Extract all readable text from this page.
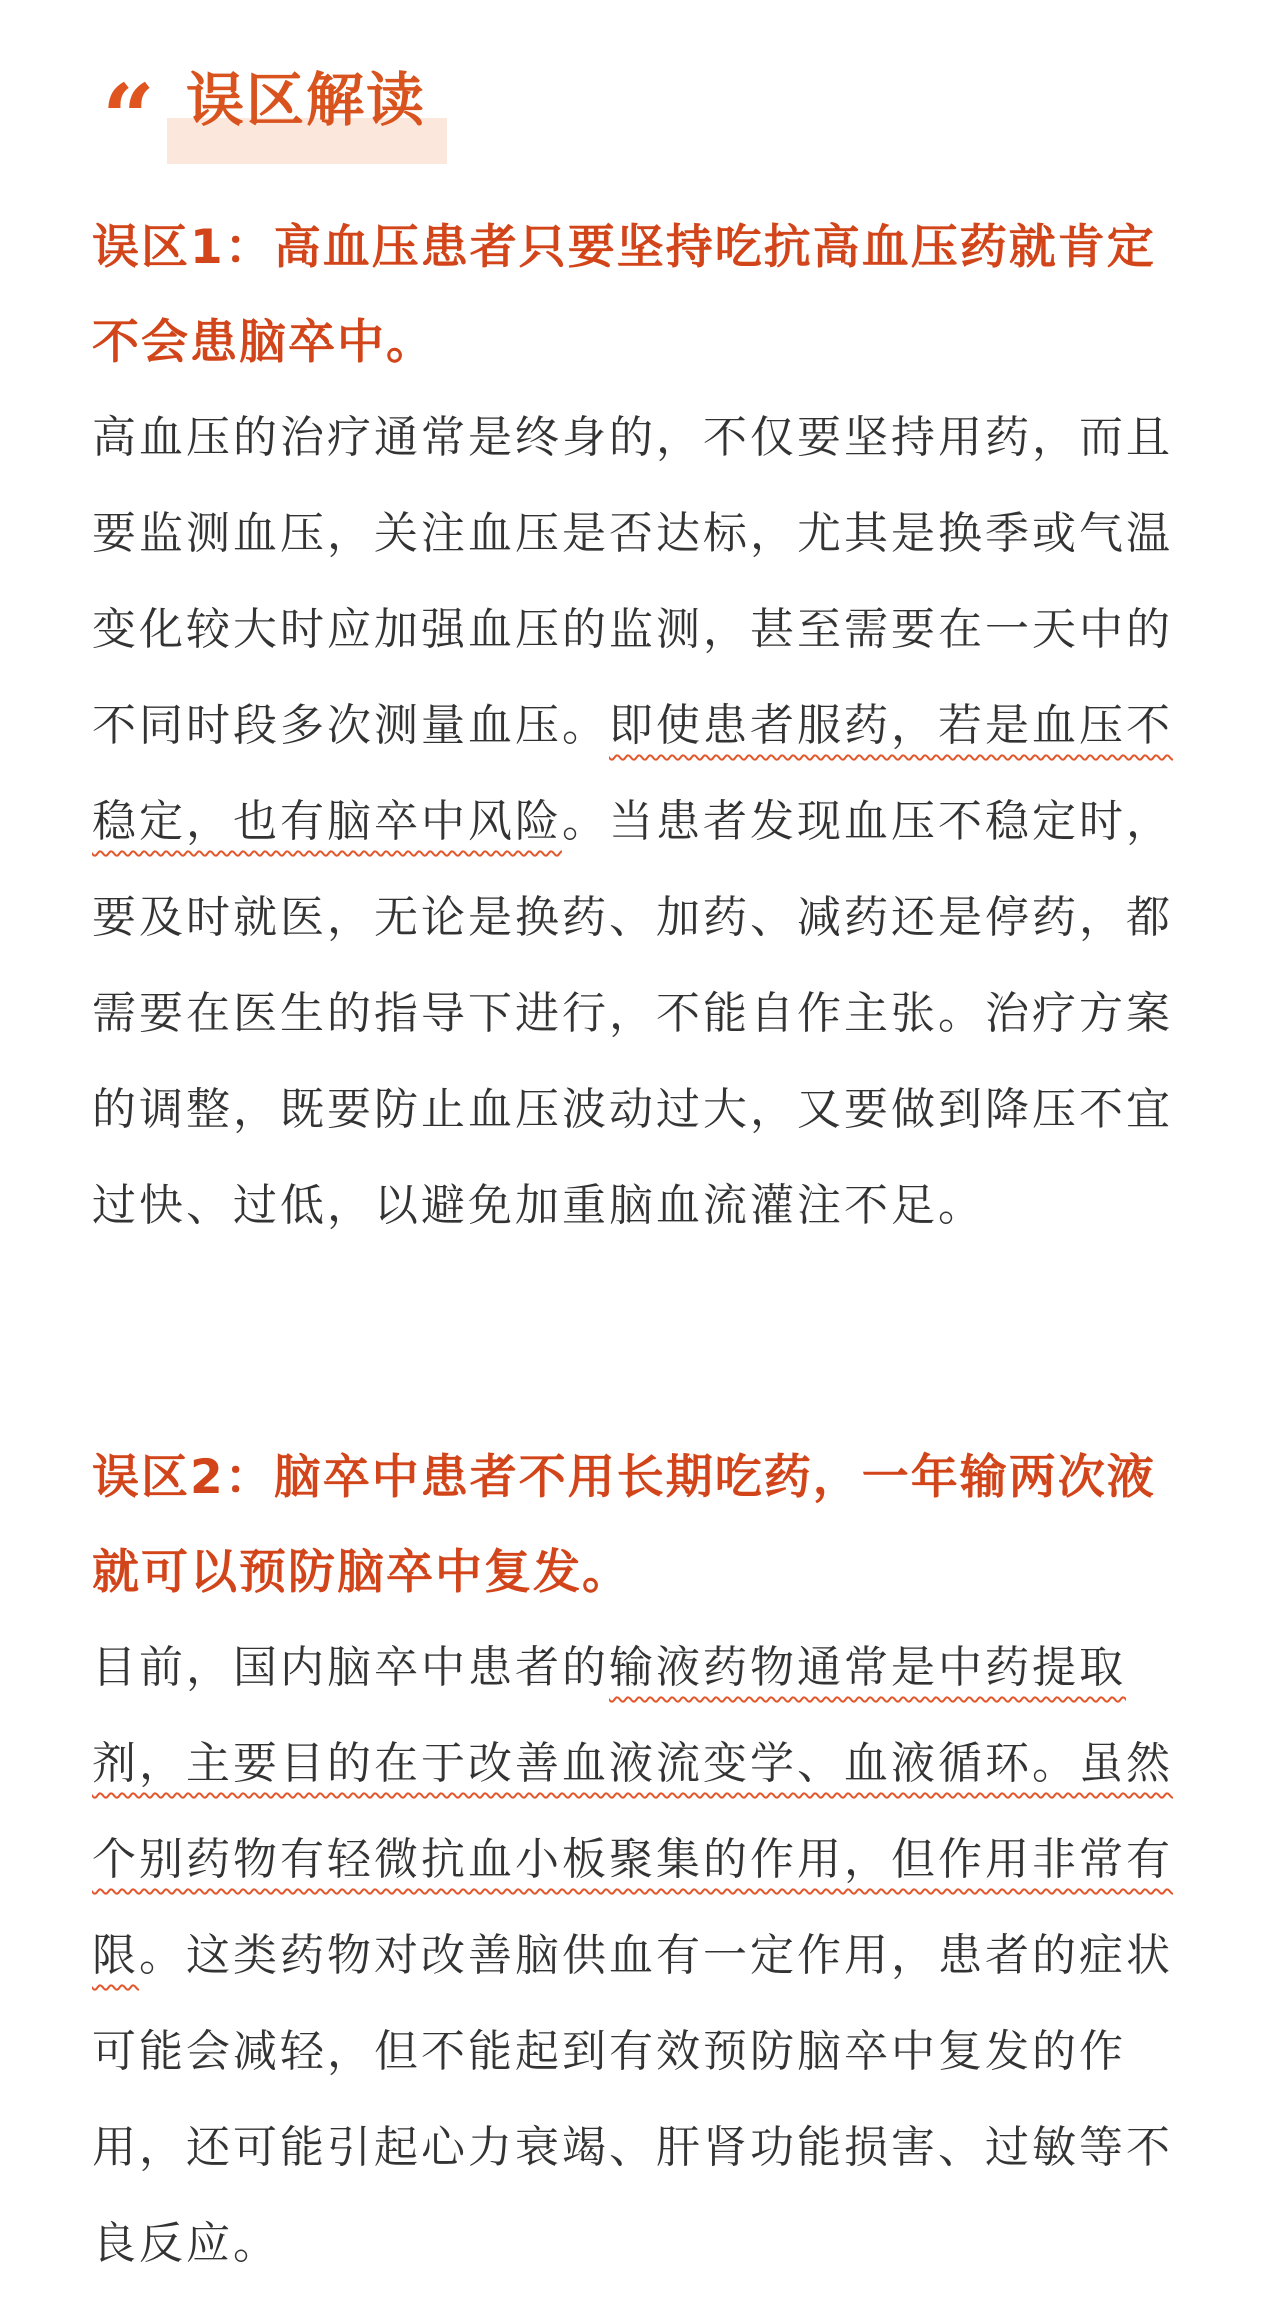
“ 误区解读

误区1：高血压患者只要坚持吃抗高血压药就肯定不会患脑卒中。

高血压的治疗通常是终身的，不仅要坚持用药，而且要监测血压，关注血压是否达标，尤其是换季或气温变化较大时应加强血压的监测，甚至需要在一天中的不同时段多次测量血压。即使患者服药，若是血压不稳定，也有脑卒中风险。当患者发现血压不稳定时，要及时就医，无论是换药、加药、减药还是停药，都需要在医生的指导下进行，不能自作主张。治疗方案的调整，既要防止血压波动过大，又要做到降压不宜过快、过低，以避免加重脑血流灌注不足。

误区2：脑卒中患者不用长期吃药，一年输两次液就可以预防脑卒中复发。

目前，国内脑卒中患者的输液药物通常是中药提取剂，主要目的在于改善血液流变学、血液循环。虽然个别药物有轻微抗血小板聚集的作用，但作用非常有限。这类药物对改善脑供血有一定作用，患者的症状可能会减轻，但不能起到有效预防脑卒中复发的作用，还可能引起心力衰竭、肝肾功能损害、过敏等不良反应。
